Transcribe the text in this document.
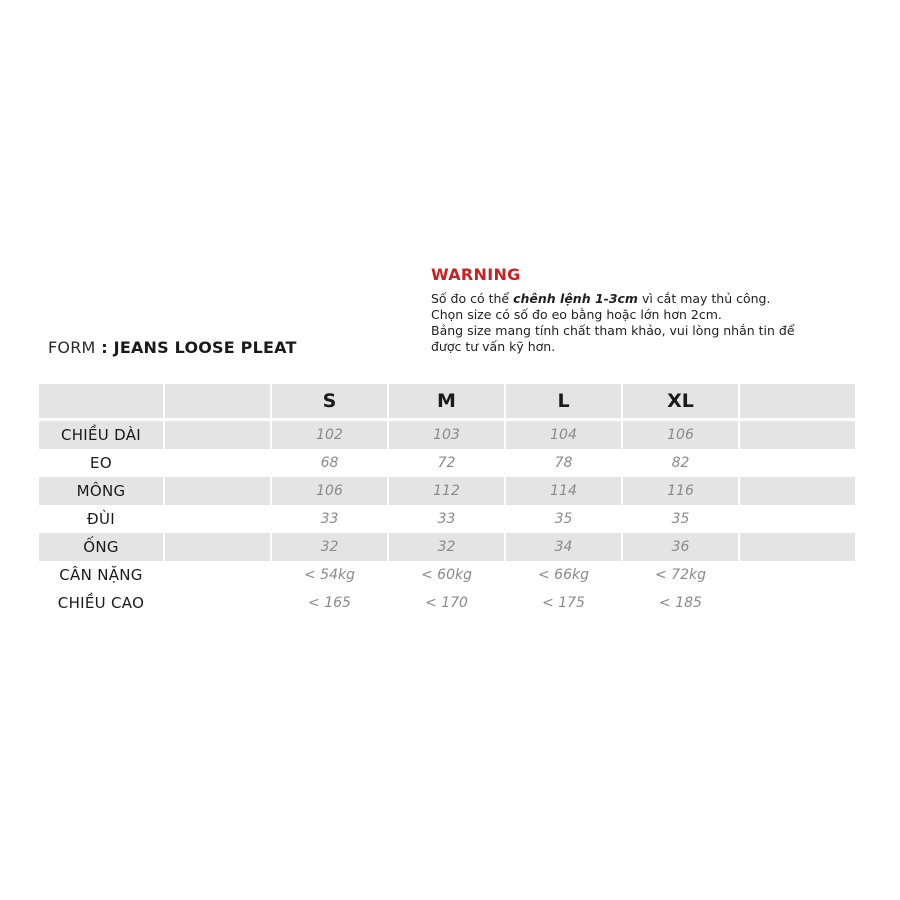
FORM : JEANS LOOSE PLEAT
WARNING
Số đo có thể chênh lệnh 1-3cm vì cắt may thủ công.
Chọn size có số đo eo bằng hoặc lớn hơn 2cm.
Bảng size mang tính chất tham khảo, vui lòng nhắn tin để
được tư vấn kỹ hơn.
		S	M	L	XL	

CHIỀU DÀI		102	103	104	106	
EO		68	72	78	82	
MÔNG		106	112	114	116	
ĐÙI		33	33	35	35	
ỐNG		32	32	34	36	
CÂN NẶNG		< 54kg	< 60kg	< 66kg	< 72kg	
CHIỀU CAO		< 165	< 170	< 175	< 185	
